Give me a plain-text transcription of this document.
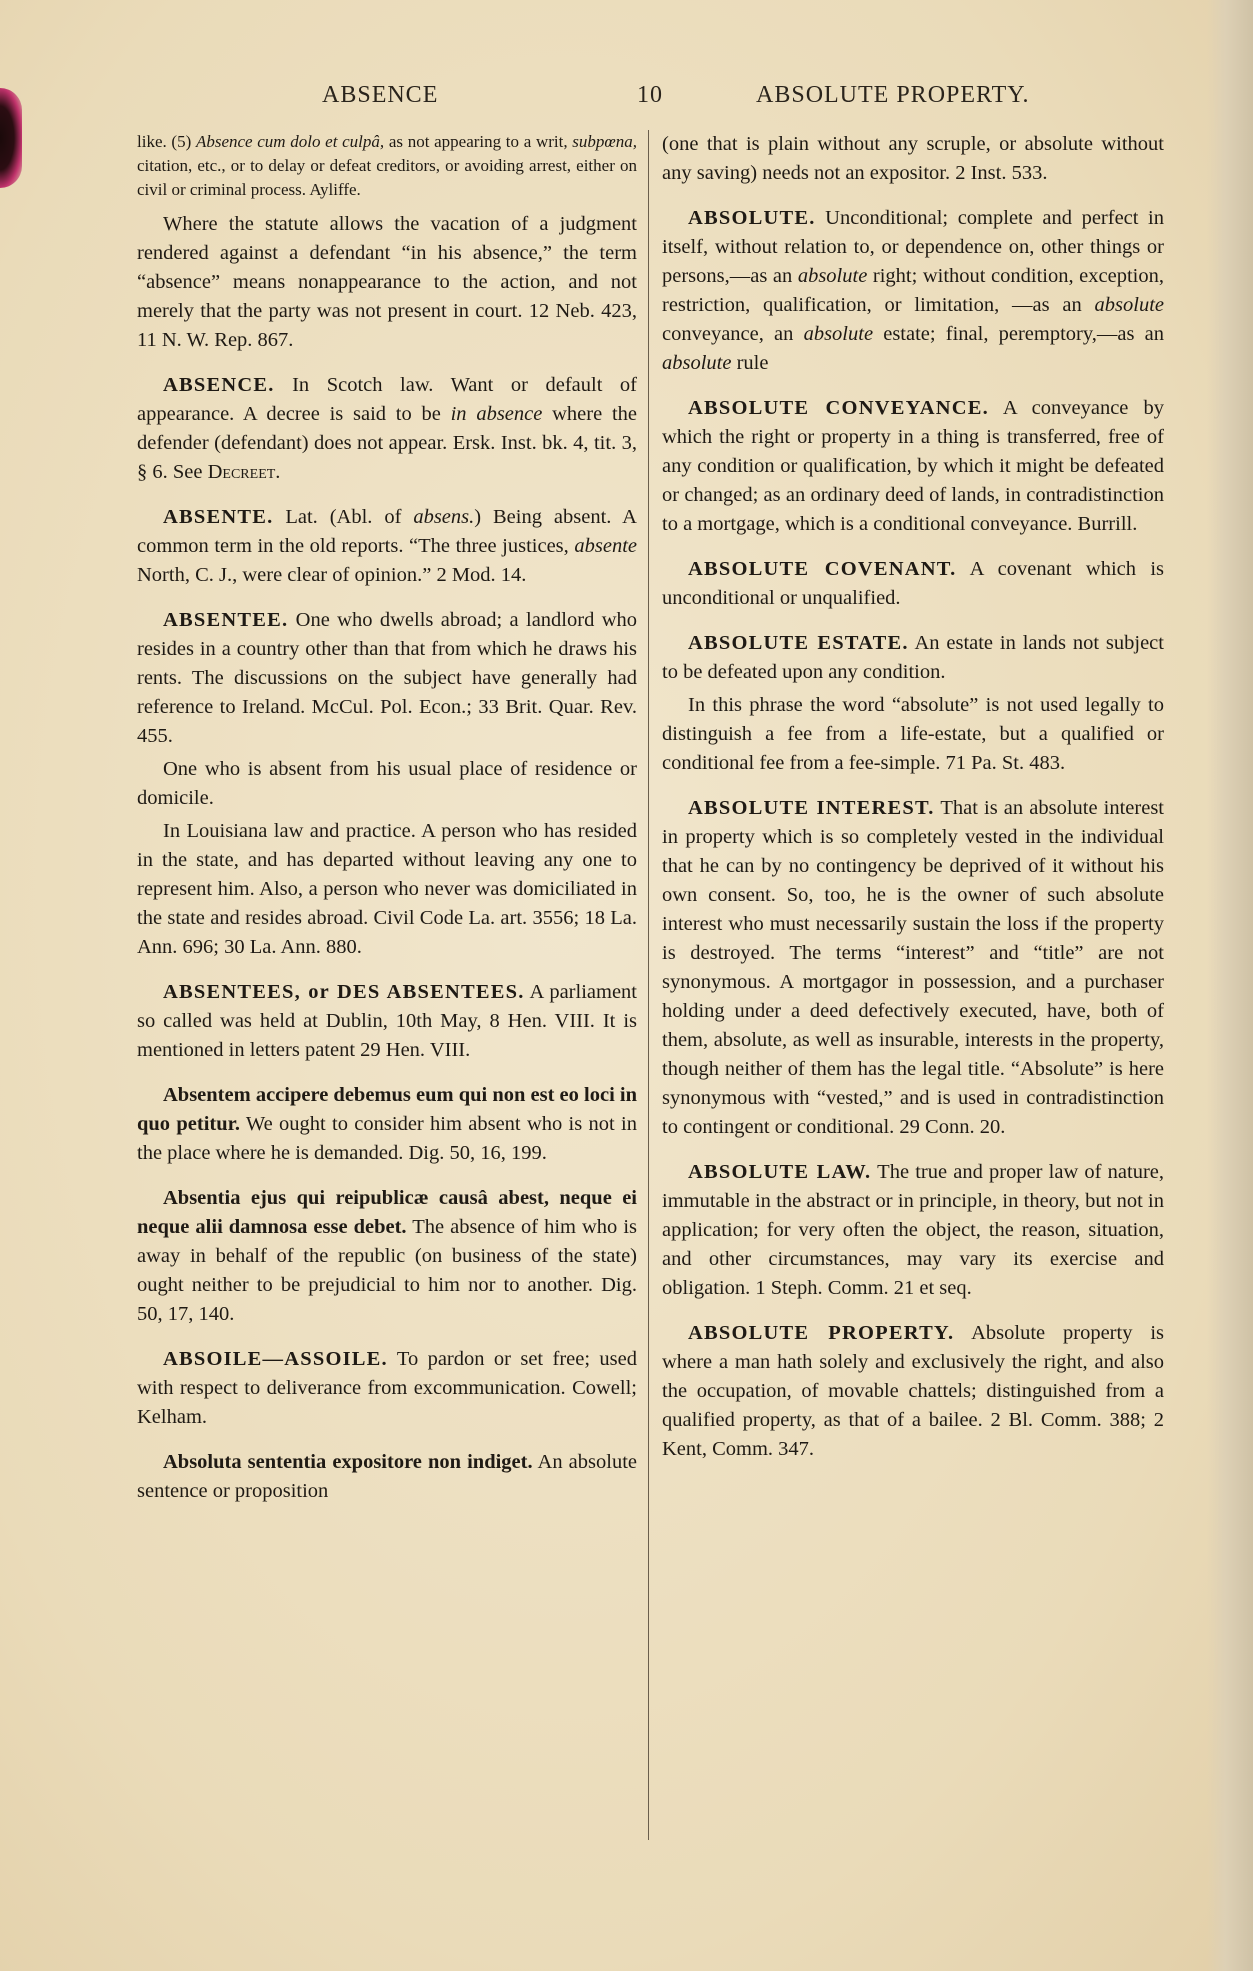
ABSENCE	10	ABSOLUTE PROPERTY.

like. (5) Absence cum dolo et culpâ, as not appearing to a writ, subpœna, citation, etc., or to delay or defeat creditors, or avoiding arrest, either on civil or criminal process. Ayliffe.

Where the statute allows the vacation of a judgment rendered against a defendant “in his absence,” the term “absence” means nonappearance to the action, and not merely that the party was not present in court. 12 Neb. 423, 11 N. W. Rep. 867.

ABSENCE. In Scotch law. Want or default of appearance. A decree is said to be in absence where the defender (defendant) does not appear. Ersk. Inst. bk. 4, tit. 3, § 6. See Decreet.

ABSENTE. Lat. (Abl. of absens.) Being absent. A common term in the old reports. “The three justices, absente North, C. J., were clear of opinion.” 2 Mod. 14.

ABSENTEE. One who dwells abroad; a landlord who resides in a country other than that from which he draws his rents. The discussions on the subject have generally had reference to Ireland. McCul. Pol. Econ.; 33 Brit. Quar. Rev. 455.

One who is absent from his usual place of residence or domicile.

In Louisiana law and practice. A person who has resided in the state, and has departed without leaving any one to represent him. Also, a person who never was domiciliated in the state and resides abroad. Civil Code La. art. 3556; 18 La. Ann. 696; 30 La. Ann. 880.

ABSENTEES, or DES ABSENTEES. A parliament so called was held at Dublin, 10th May, 8 Hen. VIII. It is mentioned in letters patent 29 Hen. VIII.

Absentem accipere debemus eum qui non est eo loci in quo petitur. We ought to consider him absent who is not in the place where he is demanded. Dig. 50, 16, 199.

Absentia ejus qui reipublicæ causâ abest, neque ei neque alii damnosa esse debet. The absence of him who is away in behalf of the republic (on business of the state) ought neither to be prejudicial to him nor to another. Dig. 50, 17, 140.

ABSOILE—ASSOILE. To pardon or set free; used with respect to deliverance from excommunication. Cowell; Kelham.

Absoluta sententia expositore non indiget. An absolute sentence or proposition

(one that is plain without any scruple, or absolute without any saving) needs not an expositor. 2 Inst. 533.

ABSOLUTE. Unconditional; complete and perfect in itself, without relation to, or dependence on, other things or persons,—as an absolute right; without condition, exception, restriction, qualification, or limitation, —as an absolute conveyance, an absolute estate; final, peremptory,—as an absolute rule

ABSOLUTE CONVEYANCE. A conveyance by which the right or property in a thing is transferred, free of any condition or qualification, by which it might be defeated or changed; as an ordinary deed of lands, in contradistinction to a mortgage, which is a conditional conveyance. Burrill.

ABSOLUTE COVENANT. A covenant which is unconditional or unqualified.

ABSOLUTE ESTATE. An estate in lands not subject to be defeated upon any condition.

In this phrase the word “absolute” is not used legally to distinguish a fee from a life-estate, but a qualified or conditional fee from a fee-simple. 71 Pa. St. 483.

ABSOLUTE INTEREST. That is an absolute interest in property which is so completely vested in the individual that he can by no contingency be deprived of it without his own consent. So, too, he is the owner of such absolute interest who must necessarily sustain the loss if the property is destroyed. The terms “interest” and “title” are not synonymous. A mortgagor in possession, and a purchaser holding under a deed defectively executed, have, both of them, absolute, as well as insurable, interests in the property, though neither of them has the legal title. “Absolute” is here synonymous with “vested,” and is used in contradistinction to contingent or conditional. 29 Conn. 20.

ABSOLUTE LAW. The true and proper law of nature, immutable in the abstract or in principle, in theory, but not in application; for very often the object, the reason, situation, and other circumstances, may vary its exercise and obligation. 1 Steph. Comm. 21 et seq.

ABSOLUTE PROPERTY. Absolute property is where a man hath solely and exclusively the right, and also the occupation, of movable chattels; distinguished from a qualified property, as that of a bailee. 2 Bl. Comm. 388; 2 Kent, Comm. 347.
